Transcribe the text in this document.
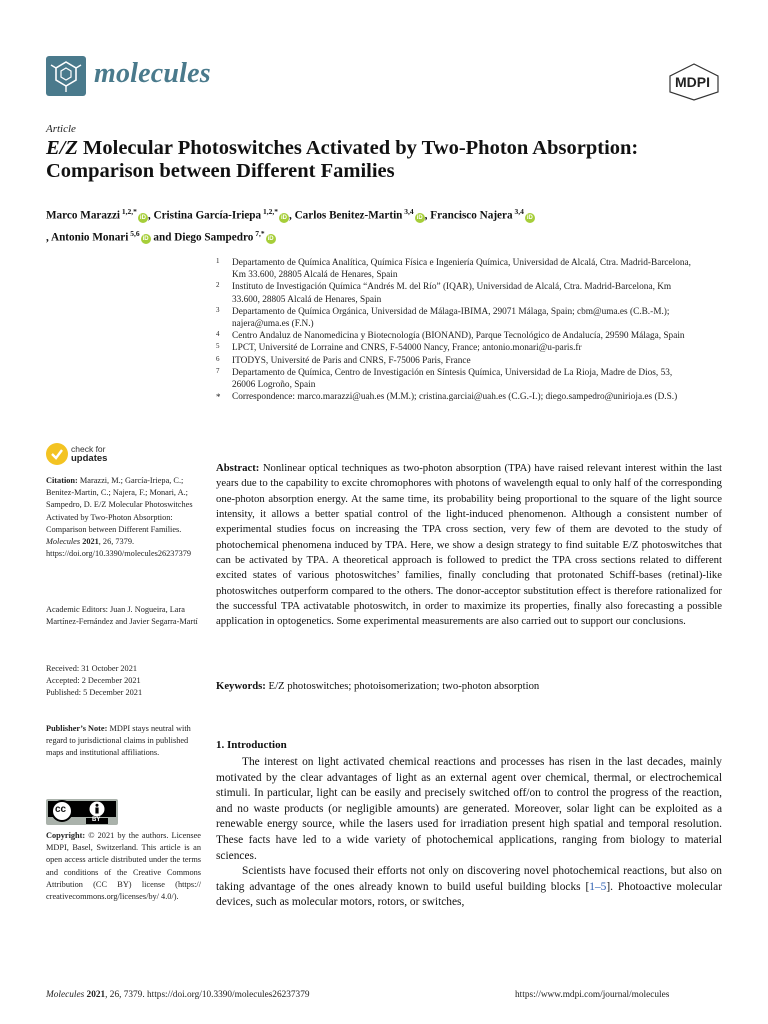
molecules	MDPI
Article
E/Z Molecular Photoswitches Activated by Two-Photon Absorption: Comparison between Different Families
Marco Marazzi $^{1,2,*}$iD , Cristina García-Iriepa $^{1,2,*}$iD , Carlos Benitez-Martin $^{3,4}$iD , Francisco Najera $^{3,4}$iD
, Antonio Monari $^{5,6}$iD and Diego Sampedro $^{7,*}$iD
1 Departamento de Química Analítica, Química Física e Ingeniería Química, Universidad de Alcalá, Ctra. Madrid-Barcelona, Km 33.600, 28805 Alcalá de Henares, Spain
2 Instituto de Investigación Química “Andrés M. del Río” (IQAR), Universidad de Alcalá, Ctra. Madrid-Barcelona, Km 33.600, 28805 Alcalá de Henares, Spain
3 Departamento de Química Orgánica, Universidad de Málaga-IBIMA, 29071 Málaga, Spain; cbm@uma.es (C.B.-M.); najera@uma.es (F.N.)
4 Centro Andaluz de Nanomedicina y Biotecnología (BIONAND), Parque Tecnológico de Andalucía, 29590 Málaga, Spain
5 LPCT, Université de Lorraine and CNRS, F-54000 Nancy, France; antonio.monari@u-paris.fr
6 ITODYS, Université de Paris and CNRS, F-75006 Paris, France
7 Departamento de Química, Centro de Investigación en Síntesis Química, Universidad de La Rioja, Madre de Dios, 53, 26006 Logroño, Spain
* Correspondence: marco.marazzi@uah.es (M.M.); cristina.garciai@uah.es (C.G.-I.); diego.sampedro@unirioja.es (D.S.)
check for
updates
Citation: Marazzi, M.; García-Iriepa, C.; Benitez-Martin, C.; Najera, F.; Monari, A.; Sampedro, D. E/Z Molecular Photoswitches Activated by Two-Photon Absorption: Comparison between Different Families. Molecules 2021, 26, 7379. https://doi.org/10.3390/molecules26237379
Academic Editors: Juan J. Nogueira, Lara Martínez-Fernández and Javier Segarra-Martí
Received: 31 October 2021
Accepted: 2 December 2021
Published: 5 December 2021
Publisher’s Note: MDPI stays neutral with regard to jurisdictional claims in published maps and institutional affiliations.
cc
BY
Copyright: © 2021 by the authors. Licensee MDPI, Basel, Switzerland. This article is an open access article distributed under the terms and conditions of the Creative Commons Attribution (CC BY) license (https:// creativecommons.org/licenses/by/ 4.0/).
Abstract: Nonlinear optical techniques as two-photon absorption (TPA) have raised relevant interest within the last years due to the capability to excite chromophores with photons of wavelength equal to only half of the corresponding one-photon absorption energy. At the same time, its probability being proportional to the square of the light source intensity, it allows a better spatial control of the light-induced phenomenon. Although a consistent number of experimental studies focus on increasing the TPA cross section, very few of them are devoted to the study of photochemical phenomena induced by TPA. Here, we show a design strategy to find suitable E/Z photoswitches that can be activated by TPA. A theoretical approach is followed to predict the TPA cross sections related to different excited states of various photoswitches’ families, finally concluding that protonated Schiff-bases (retinal)-like photoswitches outperform compared to the others. The donor-acceptor substitution effect is therefore rationalized for the successful TPA activatable photoswitch, in order to maximize its properties, finally also forecasting a possible application in optogenetics. Some experimental measurements are also carried out to support our conclusions.
Keywords: E/Z photoswitches; photoisomerization; two-photon absorption
1. Introduction

The interest on light activated chemical reactions and processes has risen in the last decades, mainly motivated by the clear advantages of light as an external agent over chemical, thermal, or electrochemical stimuli. In particular, light can be easily and precisely switched off/on to control the progress of the reaction, and no waste products (or negligible amounts) are generated. Moreover, solar light can be exploited as a renewable energy source, while the lasers used for irradiation present high spatial and temporal resolution. These facts have led to a wide variety of photochemical applications, ranging from biology to material sciences.

Scientists have focused their efforts not only on discovering novel photochemical reactions, but also on taking advantage of the ones already known to build useful building blocks [1–5]. Photoactive molecular devices, such as molecular motors, rotors, or switches,

Molecules 2021, 26, 7379. https://doi.org/10.3390/molecules26237379	https://www.mdpi.com/journal/molecules
